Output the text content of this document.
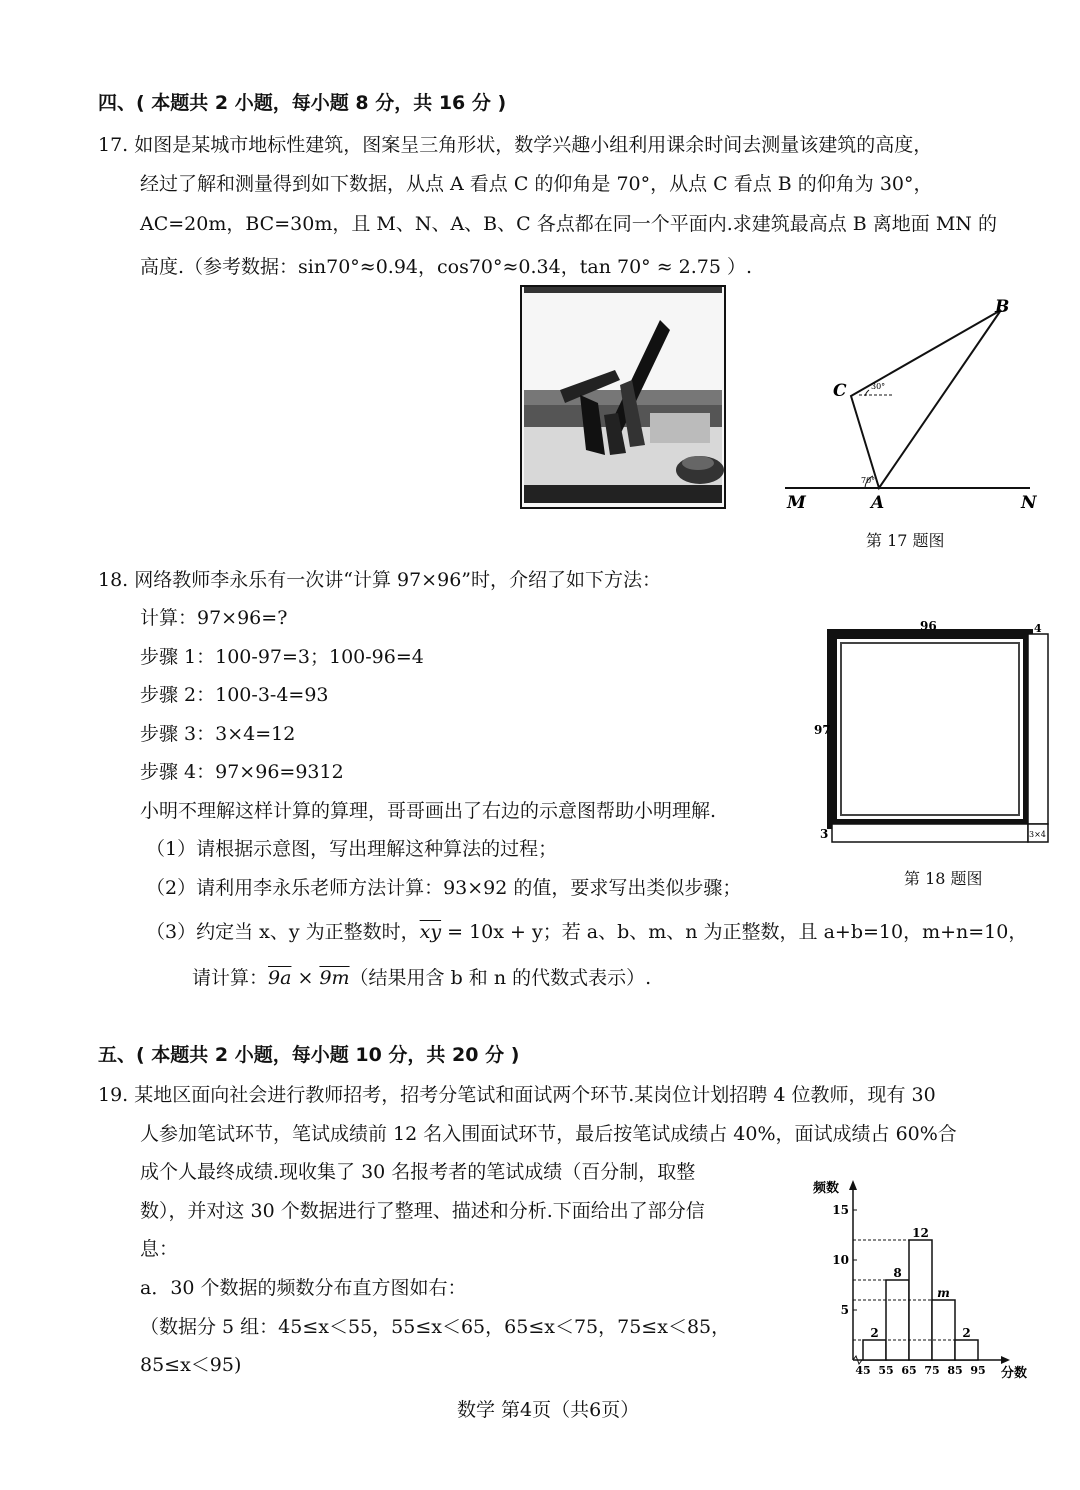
四、( 本题共 2 小题，每小题 8 分，共 16 分 )
17. 如图是某城市地标性建筑，图案呈三角形状，数学兴趣小组利用课余时间去测量该建筑的高度，
经过了解和测量得到如下数据，从点 A 看点 C 的仰角是 70°，从点 C 看点 B 的仰角为 30°，
AC=20m，BC=30m，且 M、N、A、B、C 各点都在同一个平面内.求建筑最高点 B 离地面 MN 的
高度.（参考数据：sin70°≈0.94，cos70°≈0.34，tan 70° ≈ 2.75 ）.
B
C	30°
70°
M	A	N
第 17 题图
18. 网络教师李永乐有一次讲“计算 97×96”时，介绍了如下方法：
计算：97×96=?
步骤 1：100-97=3；100-96=4
步骤 2：100-3-4=93
步骤 3：3×4=12
步骤 4：97×96=9312
小明不理解这样计算的算理，哥哥画出了右边的示意图帮助小明理解.
（1）请根据示意图，写出理解这种算法的过程；
（2）请利用李永乐老师方法计算：93×92 的值，要求写出类似步骤；
（3）约定当 x、y 为正整数时，$\overline{xy} = 10x + y$；若 a、b、m、n 为正整数，且 a+b=10，m+n=10，
请计算：9a × 9m（结果用含 b 和 n 的代数式表示）.
96	4
97
3	3×4
第 18 题图
五、( 本题共 2 小题，每小题 10 分，共 20 分 )
19. 某地区面向社会进行教师招考，招考分笔试和面试两个环节.某岗位计划招聘 4 位教师，现有 30
人参加笔试环节，笔试成绩前 12 名入围面试环节，最后按笔试成绩占 40%，面试成绩占 60%合
成个人最终成绩.现收集了 30 名报考者的笔试成绩（百分制，取整
数），并对这 30 个数据进行了整理、描述和分析.下面给出了部分信
息：
a．30 个数据的频数分布直方图如右：
（数据分 5 组：45≤x＜55，55≤x＜65，65≤x＜75，75≤x＜85，
85≤x＜95)
频数
分数
5
10
15
2
8
12
m
2
45 55 65 75 85 95
数学 第4页（共6页）
